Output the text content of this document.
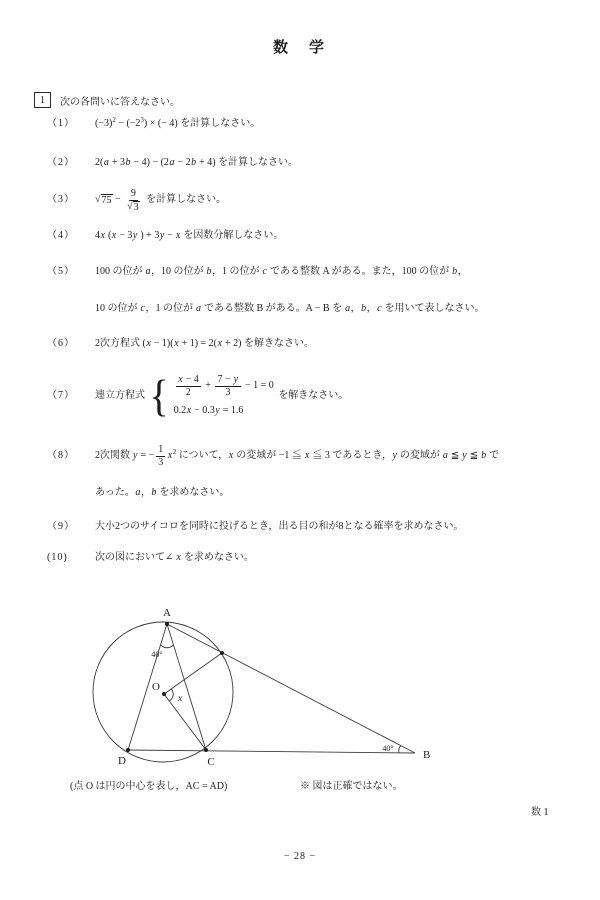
数　学
1	次の各問いに答えなさい。
（1）	(−3) 2 − (−2 3 ) × (− 4) を計算しなさい。
（2）	2( a + 3 b − 4) − (2 a − 2 b + 4) を計算しなさい。
（3）	√ $75 - \frac{9}{√ 3}$ を計算しなさい。
（4）	4 x ( x − 3 y ) + 3 y − x を因数分解しなさい。
（5）	100 の位が a ，10 の位が b ，1 の位が c である整数 A がある。また，100 の位が b ，
10 の位が c ，1 の位が a である整数 B がある。A − B を a ， b ， c を用いて表しなさい。
（6）	2次方程式 ( x − 1)( x + 1) = 2( x + 2) を解きなさい。
（7）	連立方程式 { $\frac{x - 4}{2} + \frac{7 - y}{3} - 1 = 0$
0.2 x − 0.3 y = 1.6
を解きなさい。
（8）	2次関数 y = − $\frac{1}{3}$ x 2 について， x の変域が −1 ≦ x ≦ 3 であるとき， y の変域が a ≦ y ≦ b で
あった。 a ， b を求めなさい。
（9）	大小2つのサイコロを同時に投げるとき，出る目の和が8となる確率を求めなさい。
(10)	次の図において∠ x を求めなさい。
A
D	C
B
O
40°
40°
x
(点 O は円の中心を表し，AC = AD)	※ 図は正確ではない。
数 1
− 28 −
